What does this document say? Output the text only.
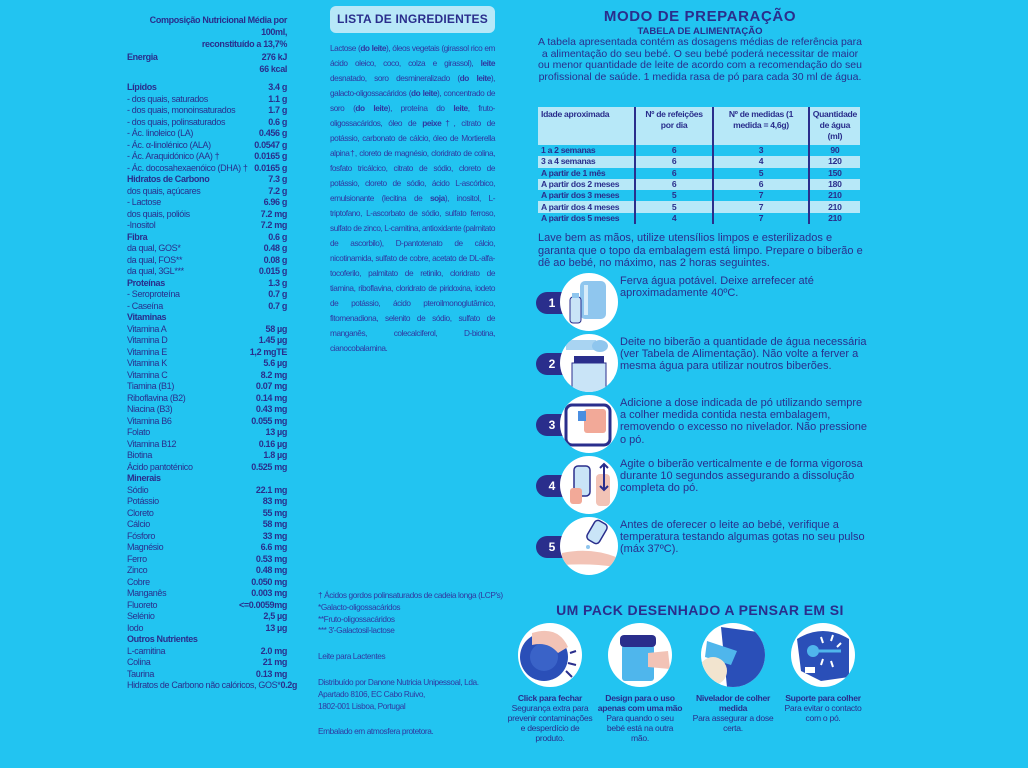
Composição Nutricional Média por 100ml,
reconstituído a 13,7%
Energia	276 kJ
66 kcal
Lípidos	3.4 g
- dos quais, saturados	1.1 g
- dos quais, monoinsaturados	1.7 g
- dos quais, polinsaturados	0.6 g
- Ác. linoleico (LA)	0.456 g
- Ác. α-linolénico (ALA)	0.0547 g
- Ác. Araquidónico (AA) †	0.0165 g
- Ác. docosahexaenóico (DHA) † 0.0165 g
Hidratos de Carbono	7.3 g
dos quais, açúcares	7.2 g
- Lactose	6.96 g
dos quais, polióis	7.2 mg
-Inositol	7.2 mg
Fibra	0.6 g
da qual, GOS*	0.48 g
da qual, FOS**	0.08 g
da qual, 3GL***	0.015 g
Proteínas	1.3 g
- Seroproteína	0.7 g
- Caseína	0.7 g
Vitaminas
Vitamina A	58 µg
Vitamina D	1.45 µg
Vitamina E	1,2 mgTE
Vitamina K	5.6 µg
Vitamina C	8.2 mg
Tiamina (B1)	0.07 mg
Riboflavina (B2)	0.14 mg
Niacina (B3)	0.43 mg
Vitamina B6	0.055 mg
Folato	13 µg
Vitamina B12	0.16 µg
Biotina	1.8 µg
Ácido pantoténico	0.525 mg
Minerais
Sódio	22.1 mg
Potássio	83 mg
Cloreto	55 mg
Cálcio	58 mg
Fósforo	33 mg
Magnésio	6.6 mg
Ferro	0.53 mg
Zinco	0.48 mg
Cobre	0.050 mg
Manganês	0.003 mg
Fluoreto	<=0.0059mg
Selénio	2,5 µg
Iodo	13 µg
Outros Nutrientes
L-carnitina	2.0 mg
Colina	21 mg
Taurina	0.13 mg
Hidratos de Carbono não calóricos, GOS* 0.2g
LISTA DE INGREDIENTES
Lactose (do leite), óleos vegetais (girassol rico em ácido oleico, coco, colza e girassol), leite desnatado, soro desmineralizado (do leite), galacto-oligossacáridos (do leite), concentrado de soro (do leite), proteína do leite, fruto-oligossacáridos, óleo de peixe†, citrato de potássio, carbonato de cálcio, óleo de Mortierella alpina†, cloreto de magnésio, cloridrato de colina, fosfato tricálcico, citrato de sódio, cloreto de potássio, cloreto de sódio, ácido L-ascórbico, emulsionante (lecitina de soja), inositol, L-triptofano, L-ascorbato de sódio, sulfato ferroso, sulfato de zinco, L-carnitina, antioxidante (palmitato de ascorbilo), D-pantotenato de cálcio, nicotinamida, sulfato de cobre, acetato de DL-alfa-tocoferilo, palmitato de retinilo, cloridrato de tiamina, riboflavina, cloridrato de piridoxina, iodeto de potássio, ácido pteroilmonoglutâmico, fitomenadiona, selenito de sódio, sulfato de manganês, colecalciferol, D-biotina, cianocobalamina.
† Ácidos gordos polinsaturados de cadeia longa (LCP's)
*Galacto-oligossacáridos
**Fruto-oligossacáridos
*** 3'-Galactosil-lactose
Leite para Lactentes
Distribuído por Danone Nutricia Unipessoal, Lda.
Apartado 8106, EC Cabo Ruivo,
1802-001 Lisboa, Portugal
Embalado em atmosfera protetora.
MODO DE PREPARAÇÃO
TABELA DE ALIMENTAÇÃO
A tabela apresentada contém as dosagens médias de referência para a alimentação do seu bebé. O seu bebé poderá necessitar de maior ou menor quantidade de leite de acordo com a recomendação do seu profissional de saúde. 1 medida rasa de pó para cada 30 ml de água.
Idade aproximada	Nº de refeições por dia	Nº de medidas (1 medida = 4,6g)	Quantidade de água (ml)
1 a 2 semanas	6	3	90
3 a 4 semanas	6	4	120
A partir de 1 mês	6	5	150
A partir dos 2 meses	6	6	180
A partir dos 3 meses	5	7	210
A partir dos 4 meses	5	7	210
A partir dos 5 meses	4	7	210
Lave bem as mãos, utilize utensílios limpos e esterilizados e garanta que o topo da embalagem está limpo. Prepare o biberão e dê ao bebé, no máximo, nas 2 horas seguintes.
1
Ferva água potável. Deixe arrefecer até aproximadamente 40ºC.
2
Deite no biberão a quantidade de água necessária (ver Tabela de Alimentação). Não volte a ferver a mesma água para utilizar noutros biberões.
3
Adicione a dose indicada de pó utilizando sempre a colher medida contida nesta embalagem, removendo o excesso no nivelador. Não pressione o pó.
4
Agite o biberão verticalmente e de forma vigorosa durante 10 segundos assegurando a dissolução completa do pó.
5
Antes de oferecer o leite ao bebé, verifique a temperatura testando algumas gotas no seu pulso (máx 37ºC).
UM PACK DESENHADO A PENSAR EM SI
Click para fechar
Segurança extra para prevenir contaminações e desperdício de produto.
Design para o uso apenas com uma mão
Para quando o seu bebé está na outra mão.
Nivelador de colher medida
Para assegurar a dose certa.
Suporte para colher
Para evitar o contacto com o pó.
